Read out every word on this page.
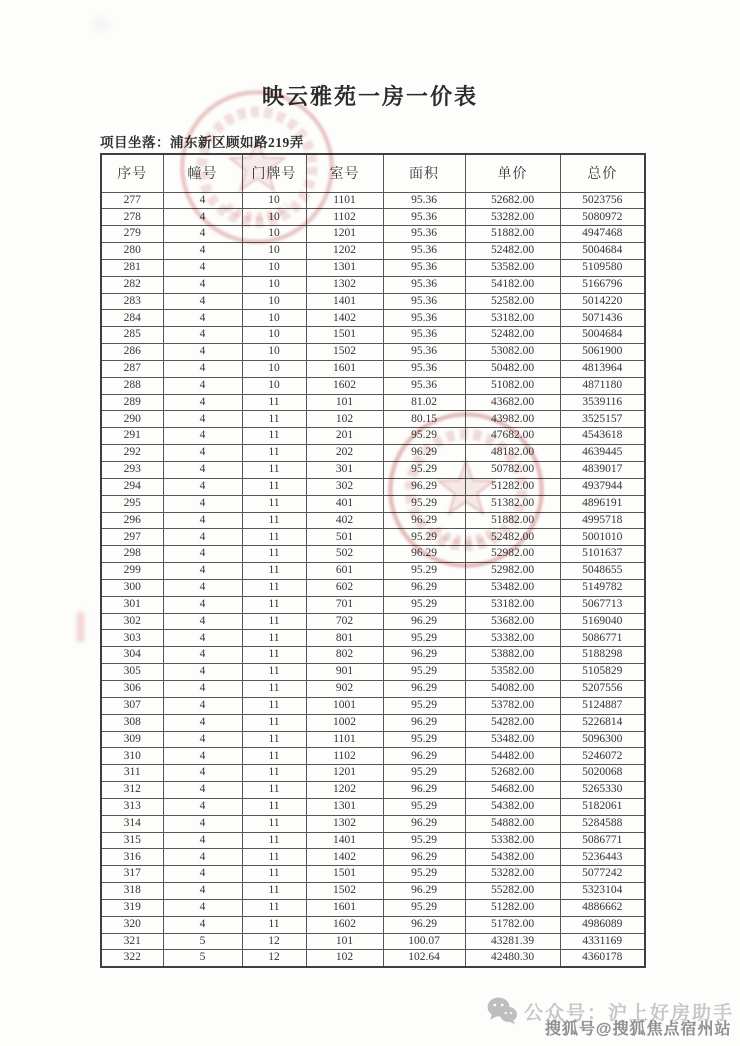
映云雅苑一房一价表
项目坐落：浦东新区顾如路219弄
序号	幢号	门牌号	室号	面积	单价	总价
277	4	10	1101	95.36	52682.00	5023756
278	4	10	1102	95.36	53282.00	5080972
279	4	10	1201	95.36	51882.00	4947468
280	4	10	1202	95.36	52482.00	5004684
281	4	10	1301	95.36	53582.00	5109580
282	4	10	1302	95.36	54182.00	5166796
283	4	10	1401	95.36	52582.00	5014220
284	4	10	1402	95.36	53182.00	5071436
285	4	10	1501	95.36	52482.00	5004684
286	4	10	1502	95.36	53082.00	5061900
287	4	10	1601	95.36	50482.00	4813964
288	4	10	1602	95.36	51082.00	4871180
289	4	11	101	81.02	43682.00	3539116
290	4	11	102	80.15	43982.00	3525157
291	4	11	201	95.29	47682.00	4543618
292	4	11	202	96.29	48182.00	4639445
293	4	11	301	95.29	50782.00	4839017
294	4	11	302	96.29	51282.00	4937944
295	4	11	401	95.29	51382.00	4896191
296	4	11	402	96.29	51882.00	4995718
297	4	11	501	95.29	52482.00	5001010
298	4	11	502	96.29	52982.00	5101637
299	4	11	601	95.29	52982.00	5048655
300	4	11	602	96.29	53482.00	5149782
301	4	11	701	95.29	53182.00	5067713
302	4	11	702	96.29	53682.00	5169040
303	4	11	801	95.29	53382.00	5086771
304	4	11	802	96.29	53882.00	5188298
305	4	11	901	95.29	53582.00	5105829
306	4	11	902	96.29	54082.00	5207556
307	4	11	1001	95.29	53782.00	5124887
308	4	11	1002	96.29	54282.00	5226814
309	4	11	1101	95.29	53482.00	5096300
310	4	11	1102	96.29	54482.00	5246072
311	4	11	1201	95.29	52682.00	5020068
312	4	11	1202	96.29	54682.00	5265330
313	4	11	1301	95.29	54382.00	5182061
314	4	11	1302	96.29	54882.00	5284588
315	4	11	1401	95.29	53382.00	5086771
316	4	11	1402	96.29	54382.00	5236443
317	4	11	1501	95.29	53282.00	5077242
318	4	11	1502	96.29	55282.00	5323104
319	4	11	1601	95.29	51282.00	4886662
320	4	11	1602	96.29	51782.00	4986089
321	5	12	101	100.07	43281.39	4331169
322	5	12	102	102.64	42480.30	4360178
公众号：沪上好房助手
搜狐号@搜狐焦点宿州站
